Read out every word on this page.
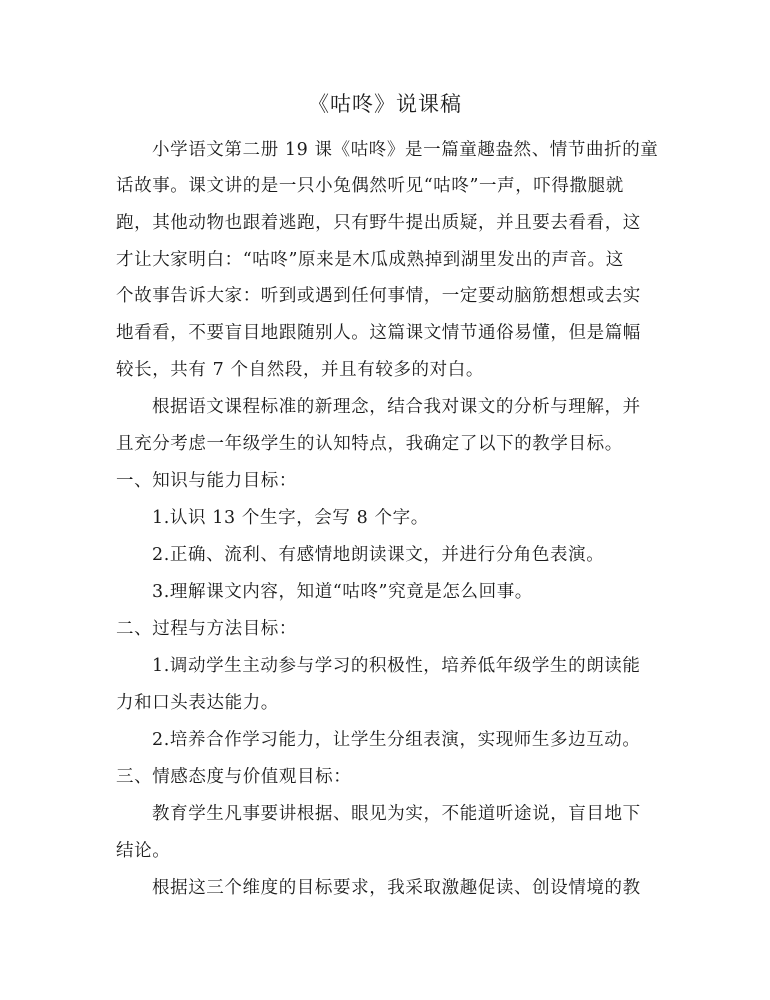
《咕咚》说课稿
小学语文第二册 19 课《咕咚》是一篇童趣盎然、情节曲折的童
话故事。课文讲的是一只小兔偶然听见“咕咚”一声，吓得撒腿就
跑，其他动物也跟着逃跑，只有野牛提出质疑，并且要去看看，这
才让大家明白：“咕咚”原来是木瓜成熟掉到湖里发出的声音。这
个故事告诉大家：听到或遇到任何事情，一定要动脑筋想想或去实
地看看，不要盲目地跟随别人。这篇课文情节通俗易懂，但是篇幅
较长，共有 7 个自然段，并且有较多的对白。
根据语文课程标准的新理念，结合我对课文的分析与理解，并
且充分考虑一年级学生的认知特点，我确定了以下的教学目标。
一、知识与能力目标：
1.认识 13 个生字，会写 8 个字。
2.正确、流利、有感情地朗读课文，并进行分角色表演。
3.理解课文内容，知道“咕咚”究竟是怎么回事。
二、过程与方法目标：
1.调动学生主动参与学习的积极性，培养低年级学生的朗读能
力和口头表达能力。
2.培养合作学习能力，让学生分组表演，实现师生多边互动。
三、情感态度与价值观目标：
教育学生凡事要讲根据、眼见为实，不能道听途说，盲目地下
结论。
根据这三个维度的目标要求，我采取激趣促读、创设情境的教
